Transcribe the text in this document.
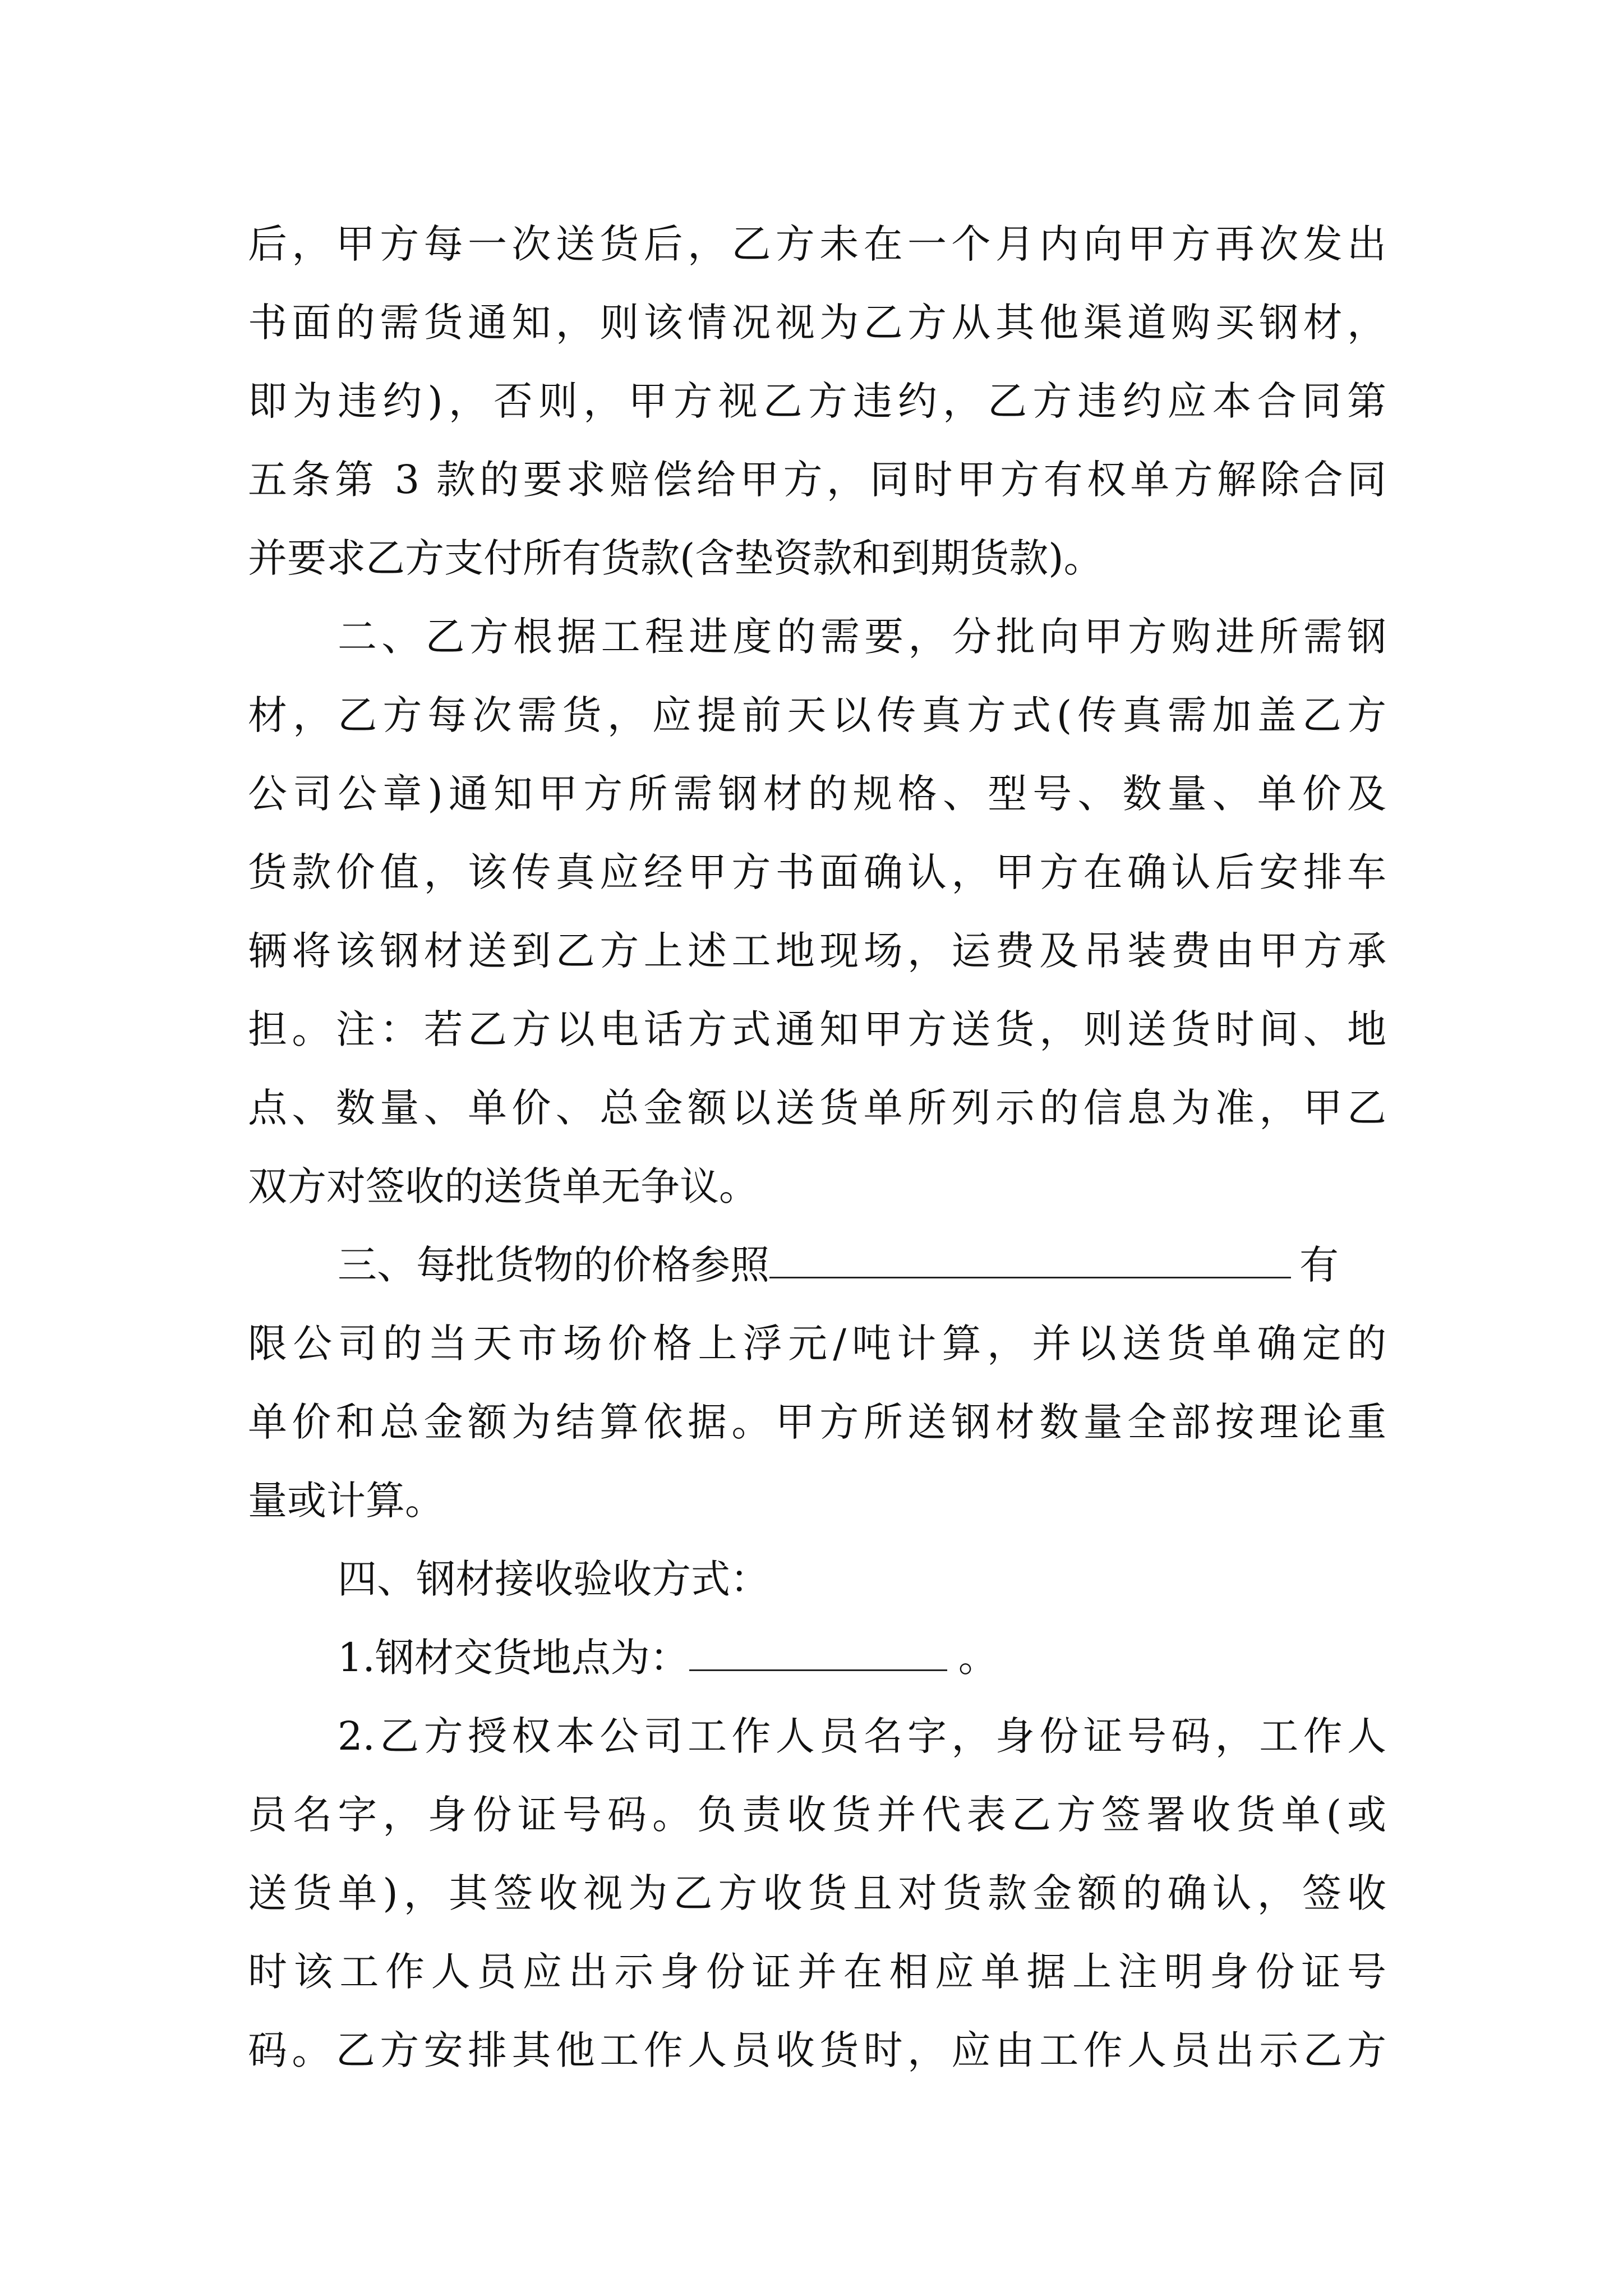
后，甲方每一次送货后，乙方未在一个月内向甲方再次发出
书面的需货通知，则该情况视为乙方从其他渠道购买钢材，
即为违约)，否则，甲方视乙方违约，乙方违约应本合同第
五条第 3 款的要求赔偿给甲方，同时甲方有权单方解除合同
并要求乙方支付所有货款(含垫资款和到期货款)。
二、乙方根据工程进度的需要，分批向甲方购进所需钢
材，乙方每次需货，应提前天以传真方式(传真需加盖乙方
公司公章)通知甲方所需钢材的规格、型号、数量、单价及
货款价值，该传真应经甲方书面确认，甲方在确认后安排车
辆将该钢材送到乙方上述工地现场，运费及吊装费由甲方承
担。注：若乙方以电话方式通知甲方送货，则送货时间、地
点、数量、单价、总金额以送货单所列示的信息为准，甲乙
双方对签收的送货单无争议。
三、每批货物的价格参照	有
限公司的当天市场价格上浮元/吨计算，并以送货单确定的
单价和总金额为结算依据。甲方所送钢材数量全部按理论重
量或计算。
四、钢材接收验收方式：
1.钢材交货地点为：	。
2.乙方授权本公司工作人员名字，身份证号码，工作人
员名字，身份证号码。负责收货并代表乙方签署收货单(或
送货单)，其签收视为乙方收货且对货款金额的确认，签收
时该工作人员应出示身份证并在相应单据上注明身份证号
码。乙方安排其他工作人员收货时，应由工作人员出示乙方
